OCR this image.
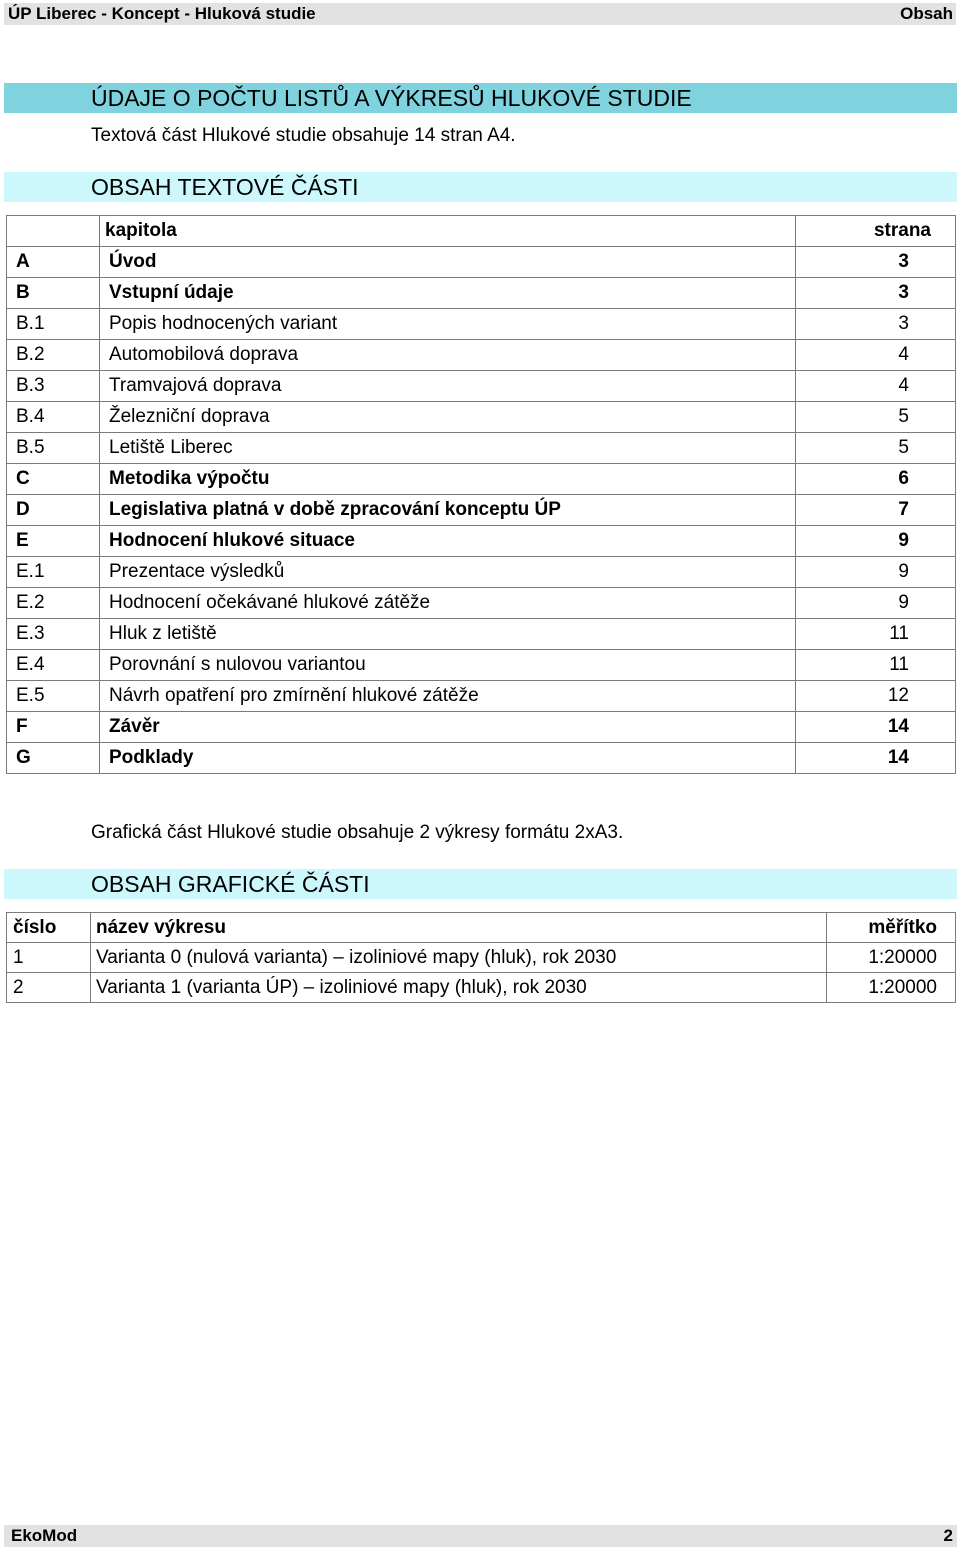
ÚP Liberec - Koncept - Hluková studie	Obsah
ÚDAJE O POČTU LISTŮ A VÝKRESŮ HLUKOVÉ STUDIE
Textová část Hlukové studie obsahuje 14 stran A4.
OBSAH TEXTOVÉ ČÁSTI
	kapitola	strana
A	Úvod	3
B	Vstupní údaje	3
B.1	Popis hodnocených variant	3
B.2	Automobilová doprava	4
B.3	Tramvajová doprava	4
B.4	Železniční doprava	5
B.5	Letiště Liberec	5
C	Metodika výpočtu	6
D	Legislativa platná v době zpracování konceptu ÚP	7
E	Hodnocení hlukové situace	9
E.1	Prezentace výsledků	9
E.2	Hodnocení očekávané hlukové zátěže	9
E.3	Hluk z letiště	11
E.4	Porovnání s nulovou variantou	11
E.5	Návrh opatření pro zmírnění hlukové zátěže	12
F	Závěr	14
G	Podklady	14
Grafická část Hlukové studie obsahuje 2 výkresy formátu 2xA3.
OBSAH GRAFICKÉ ČÁSTI
číslo	název výkresu	měřítko
1	Varianta 0 (nulová varianta) – izoliniové mapy (hluk), rok 2030	1:20000
2	Varianta 1 (varianta ÚP) – izoliniové mapy (hluk), rok 2030	1:20000
EkoMod	2
